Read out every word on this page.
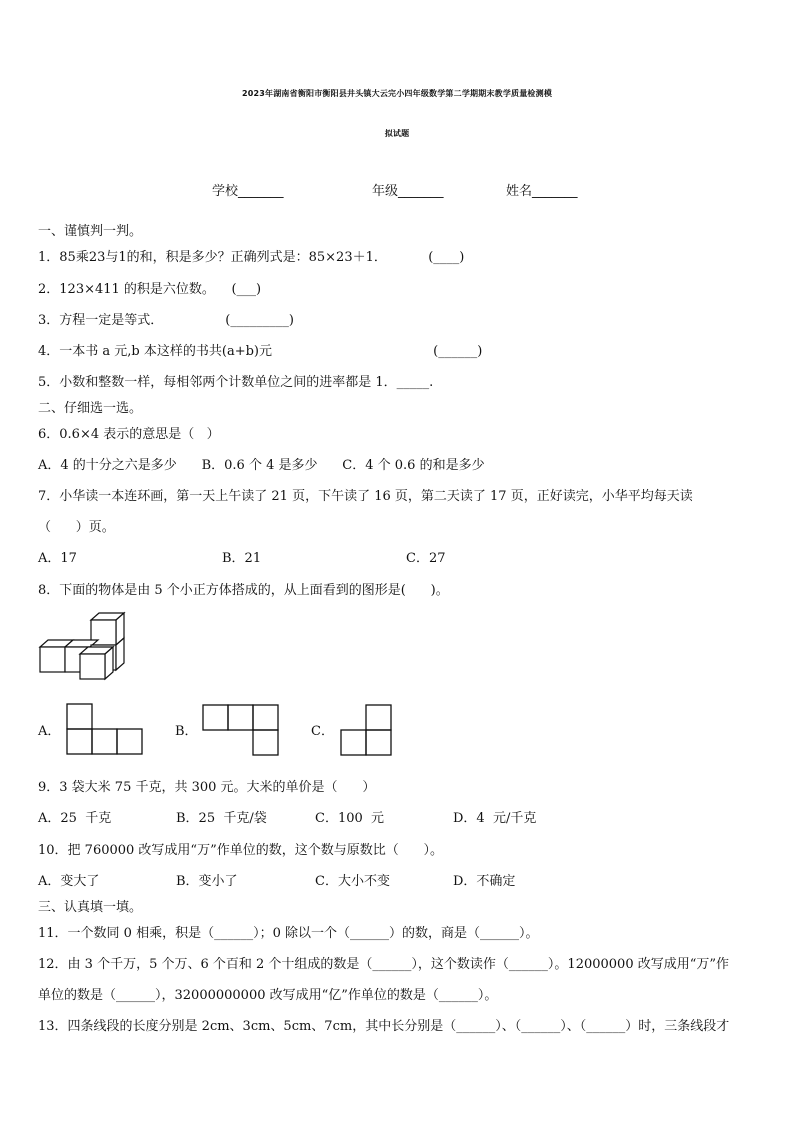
2023年湖南省衡阳市衡阳县井头镇大云完小四年级数学第二学期期末教学质量检测模
拟试题
学校_______	年级_______	姓名_______
一、谨慎判一判。
1．85乘23与1的和，积是多少？正确列式是：85×23＋1．          (____)
2．123×411 的积是六位数。    (___)
3．方程一定是等式．               (_________)
4．一本书 a 元,b 本这样的书共(a+b)元                                       (______)
5．小数和整数一样，每相邻两个计数单位之间的进率都是 1．_____.
二、仔细选一选。
6．0.6×4 表示的意思是（   ）
A．4 的十分之六是多少      B．0.6 个 4 是多少      C．4 个 0.6 的和是多少
7．小华读一本连环画，第一天上午读了 21 页，下午读了 16 页，第二天读了 17 页，正好读完，小华平均每天读
（      ）页。
A．17	B．21	C．27
8．下面的物体是由 5 个小正方体搭成的，从上面看到的图形是(      )。
A．	B．	C．
9．3 袋大米 75 千克，共 300 元。大米的单价是（      ）
A．25  千克	B．25  千克/袋	C．100  元	D．4  元/千克
10．把 760000 改写成用“万”作单位的数，这个数与原数比（      ）。
A．变大了	B．变小了	C．大小不变	D．不确定
三、认真填一填。
11．一个数同 0 相乘，积是（______）；0 除以一个（______）的数，商是（______）。
12．由 3 个千万，5 个万、6 个百和 2 个十组成的数是（______），这个数读作（______）。12000000 改写成用“万”作
单位的数是（______），32000000000 改写成用“亿”作单位的数是（______）。
13．四条线段的长度分别是 2cm、3cm、5cm、7cm，其中长分别是（______）、（______）、（______）时，三条线段才
